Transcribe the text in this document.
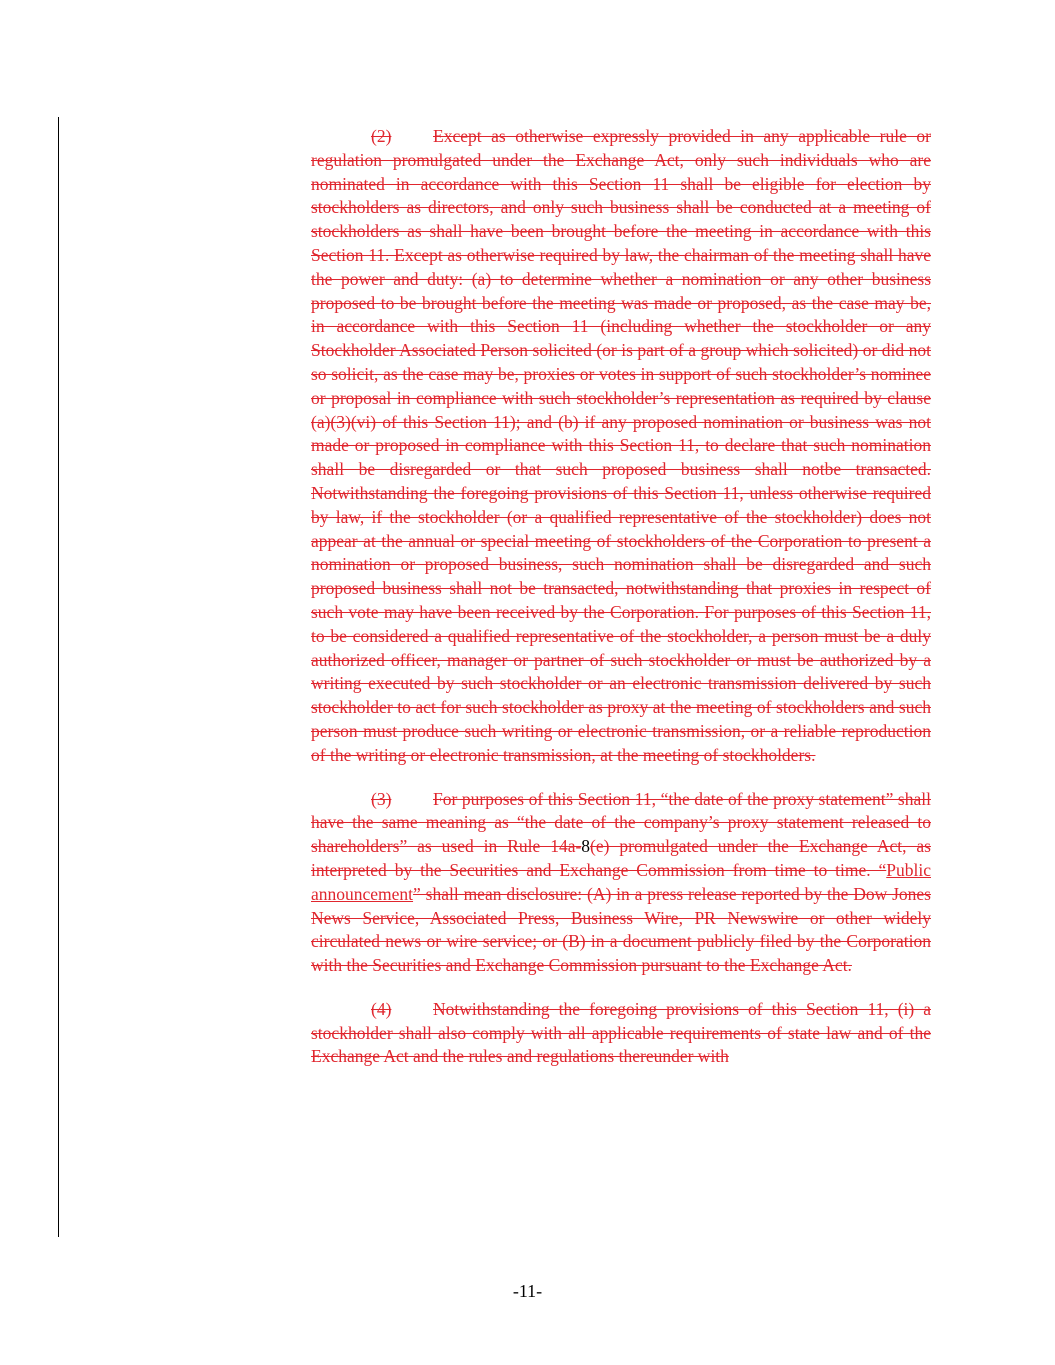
(2) Except as otherwise expressly provided in any applicable rule or regulation promulgated under the Exchange Act, only such individuals who are nominated in accordance with this Section 11 shall be eligible for election by stockholders as directors, and only such business shall be conducted at a meeting of stockholders as shall have been brought before the meeting in accordance with this Section 11. Except as otherwise required by law, the chairman of the meeting shall have the power and duty: (a) to determine whether a nomination or any other business proposed to be brought before the meeting was made or proposed, as the case may be, in accordance with this Section 11 (including whether the stockholder or any Stockholder Associated Person solicited (or is part of a group which solicited) or did not so solicit, as the case may be, proxies or votes in support of such stockholder’s nominee or proposal in compliance with such stockholder’s representation as required by clause (a)(3)(vi) of this Section 11); and (b) if any proposed nomination or business was not made or proposed in compliance with this Section 11, to declare that such nomination shall be disregarded or that such proposed business shall notbe transacted. Notwithstanding the foregoing provisions of this Section 11, unless otherwise required by law, if the stockholder (or a qualified representative of the stockholder) does not appear at the annual or special meeting of stockholders of the Corporation to present a nomination or proposed business, such nomination shall be disregarded and such proposed business shall not be transacted, notwithstanding that proxies in respect of such vote may have been received by the Corporation. For purposes of this Section 11, to be considered a qualified representative of the stockholder, a person must be a duly authorized officer, manager or partner of such stockholder or must be authorized by a writing executed by such stockholder or an electronic transmission delivered by such stockholder to act for such stockholder as proxy at the meeting of stockholders and such person must produce such writing or electronic transmission, or a reliable reproduction of the writing or electronic transmission, at the meeting of stockholders.

(3) For purposes of this Section 11, “the date of the proxy statement” shall have the same meaning as “the date of the company’s proxy statement released to shareholders” as used in Rule 14a-8(e) promulgated under the Exchange Act, as interpreted by the Securities and Exchange Commission from time to time. “Public announcement” shall mean disclosure: (A) in a press release reported by the Dow Jones News Service, Associated Press, Business Wire, PR Newswire or other widely circulated news or wire service; or (B) in a document publicly filed by the Corporation with the Securities and Exchange Commission pursuant to the Exchange Act.

(4) Notwithstanding the foregoing provisions of this Section 11, (i) a stockholder shall also comply with all applicable requirements of state law and of the Exchange Act and the rules and regulations thereunder with

-11-
